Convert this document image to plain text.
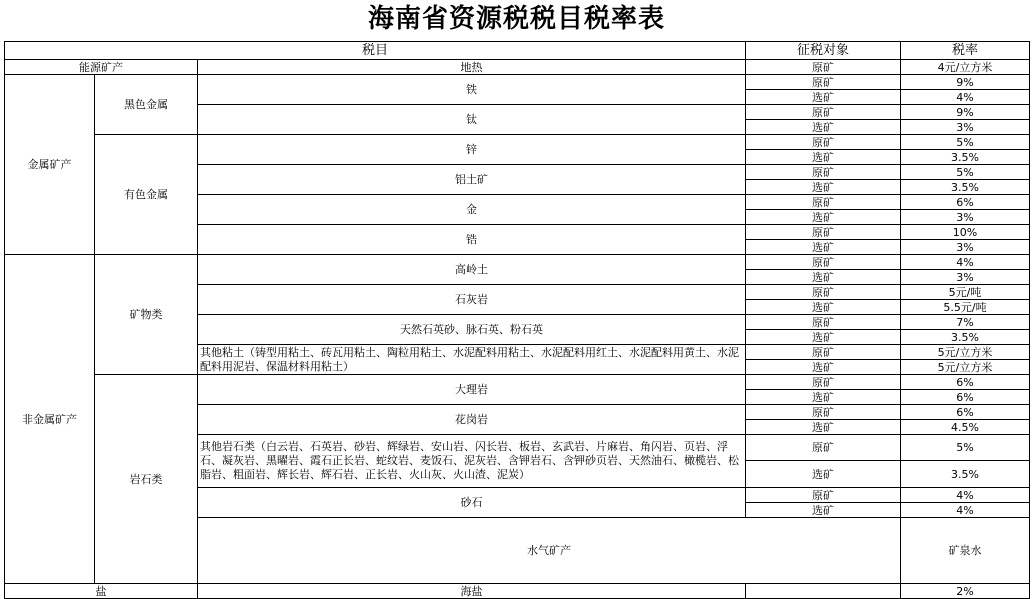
海南省资源税税目税率表
税目			征税对象	税率	
能源矿产		地热	原矿	4元/立方米	
金属矿产	黑色金属	铁	原矿	9%	
			选矿	4%	
		钛	原矿	9%	
			选矿	3%	
	有色金属	锌	原矿	5%	
			选矿	3.5%	
		铝土矿	原矿	5%	
			选矿	3.5%	
		金	原矿	6%	
			选矿	3%	
		锆	原矿	10%	
			选矿	3%	
非金属矿产	矿物类	高岭土	原矿	4%	
			选矿	3%	
		石灰岩	原矿	5元/吨	
			选矿	5.5元/吨	
		天然石英砂、脉石英、粉石英	原矿	7%	
			选矿	3.5%	
		其他粘土（铸型用粘土、砖瓦用粘土、陶粒用粘土、水泥配料用粘土、水泥配料用红土、水泥配料用黄土、水泥配料用泥岩、保温材料用粘土）	原矿	5元/立方米	
			选矿	5元/立方米	
	岩石类	大理岩	原矿	6%	
			选矿	6%	
		花岗岩	原矿	6%	
			选矿	4.5%	
		其他岩石类（白云岩、石英岩、砂岩、辉绿岩、安山岩、闪长岩、板岩、玄武岩、片麻岩、角闪岩、页岩、浮石、凝灰岩、黑曜岩、霞石正长岩、蛇纹岩、麦饭石、泥灰岩、含钾岩石、含钾砂页岩、天然油石、橄榄岩、松脂岩、粗面岩、辉长岩、辉石岩、正长岩、火山灰、火山渣、泥炭）	原矿	5%	
			选矿	3.5%	
		砂石	原矿	4%	
			选矿	4%	
		水气矿产		矿泉水		
盐		海盐		2%	
